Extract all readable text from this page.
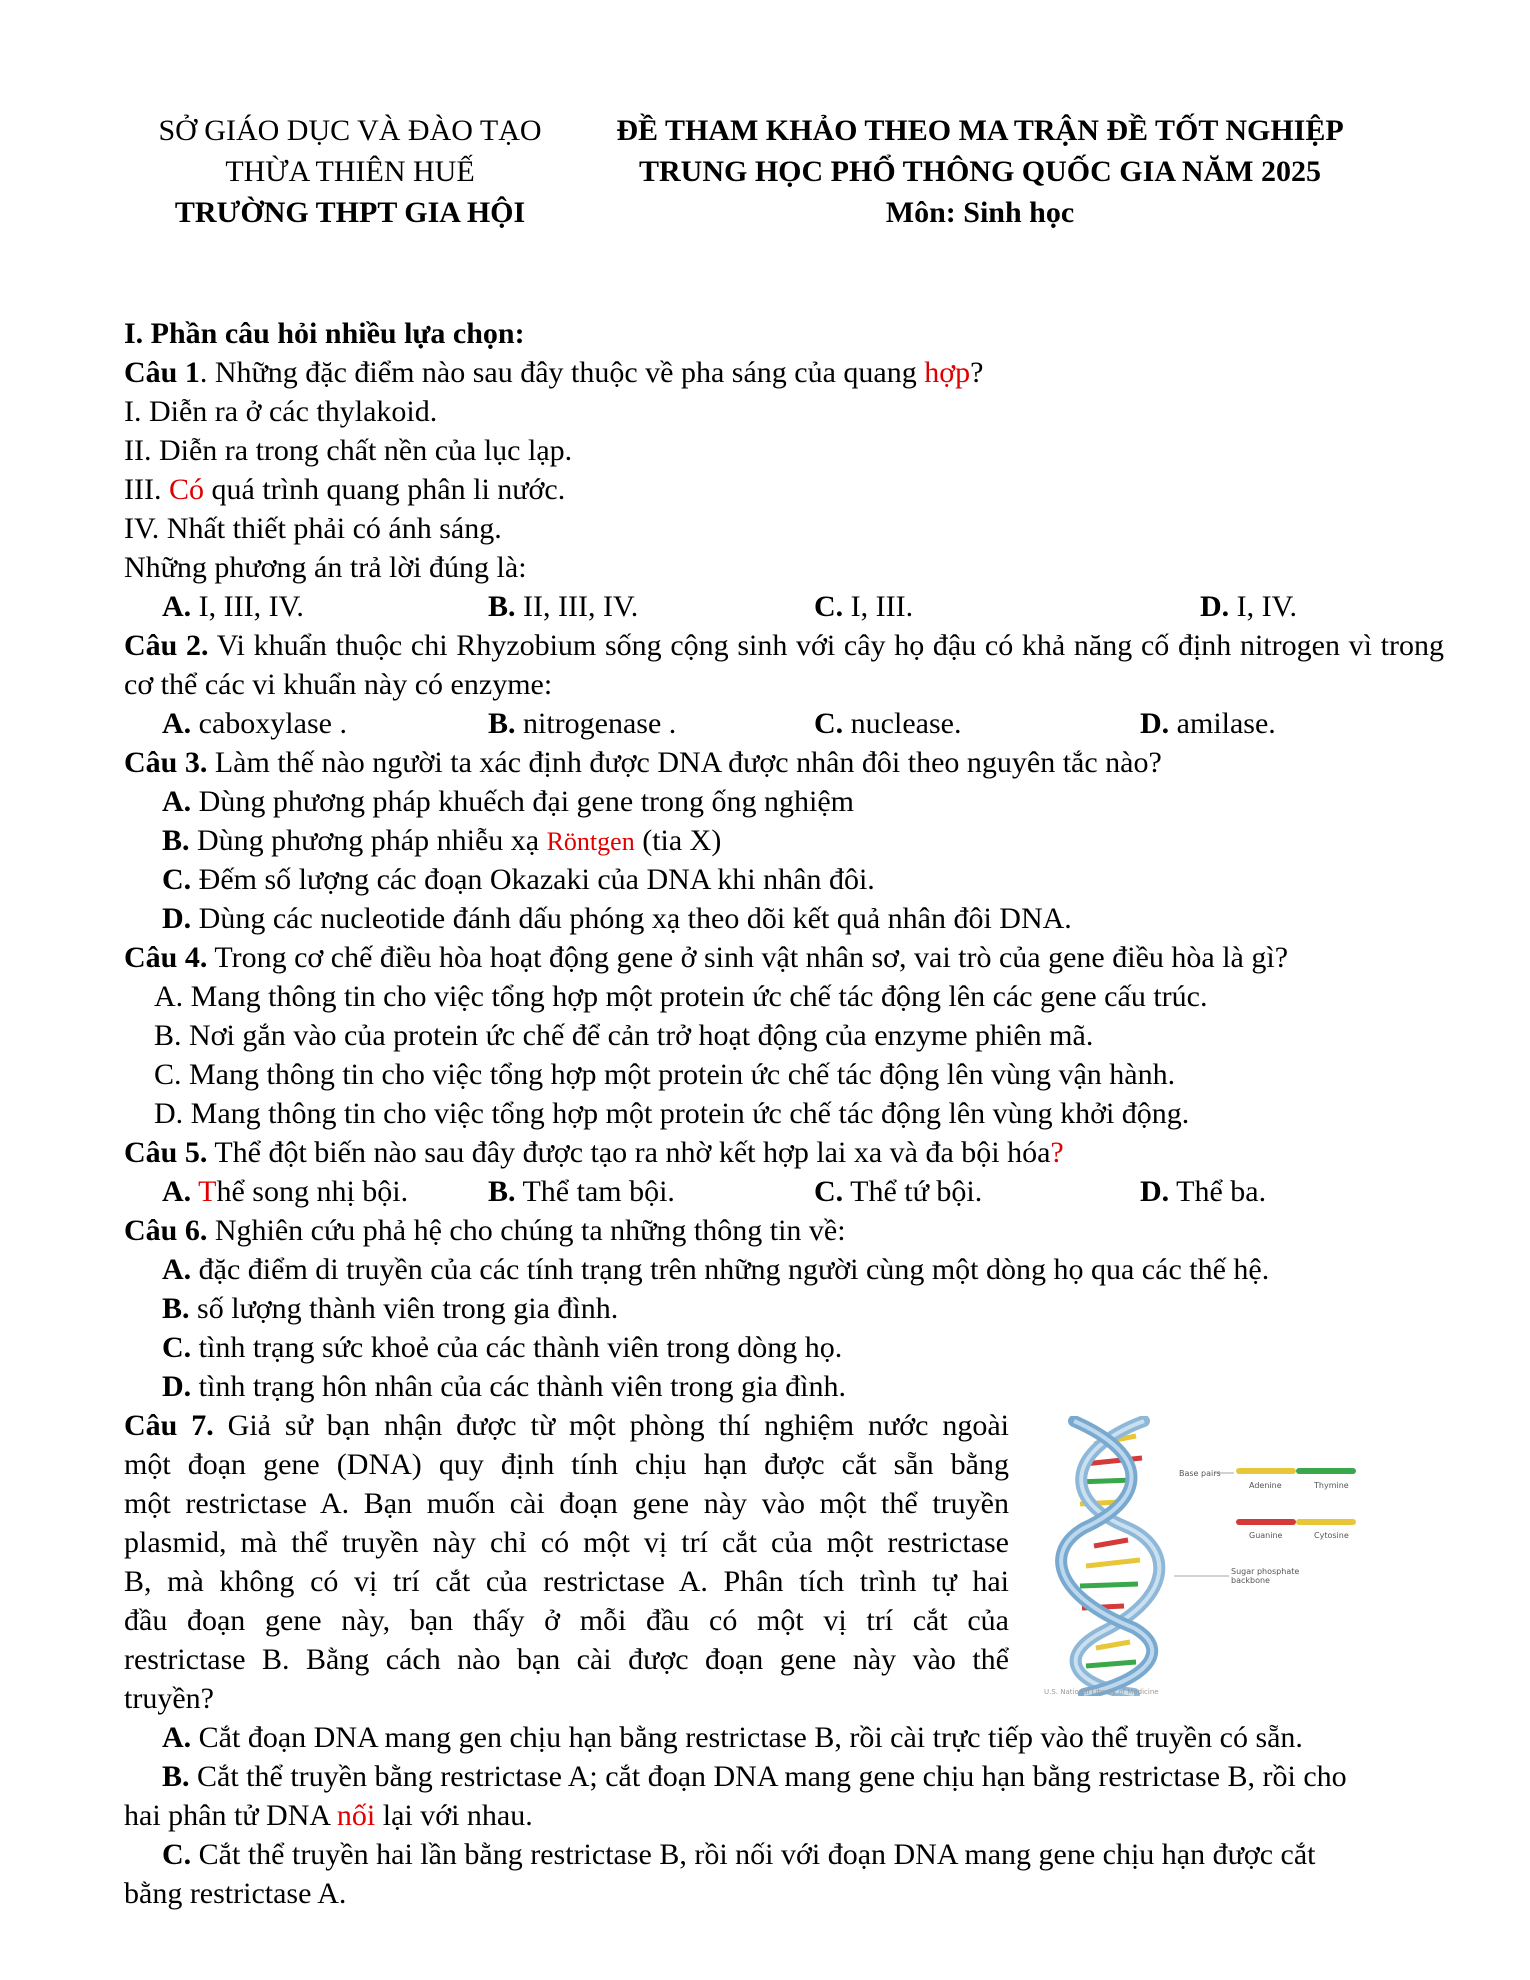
SỞ GIÁO DỤC VÀ ĐÀO TẠO
THỪA THIÊN HUẾ
TRƯỜNG THPT GIA HỘI
ĐỀ THAM KHẢO THEO MA TRẬN ĐỀ TỐT NGHIỆP
TRUNG HỌC PHỔ THÔNG QUỐC GIA NĂM 2025
Môn: Sinh học
I. Phần câu hỏi nhiều lựa chọn:
Câu 1. Những đặc điểm nào sau đây thuộc về pha sáng của quang hợp?
I. Diễn ra ở các thylakoid.
II. Diễn ra trong chất nền của lục lạp.
III. Có quá trình quang phân li nước.
IV. Nhất thiết phải có ánh sáng.
Những phương án trả lời đúng là:
A. I, III, IV.	B. II, III, IV.	C. I, III.	D. I, IV.
Câu 2. Vi khuẩn thuộc chi Rhyzobium sống cộng sinh với cây họ đậu có khả năng cố định nitrogen vì trong cơ thể các vi khuẩn này có enzyme:
A. caboxylase .	B. nitrogenase .	C. nuclease.	D. amilase.
Câu 3. Làm thế nào người ta xác định được DNA được nhân đôi theo nguyên tắc nào?
A. Dùng phương pháp khuếch đại gene trong ống nghiệm
B. Dùng phương pháp nhiễu xạ Röntgen (tia X)
C. Đếm số lượng các đoạn Okazaki của DNA khi nhân đôi.
D. Dùng các nucleotide đánh dấu phóng xạ theo dõi kết quả nhân đôi DNA.
Câu 4. Trong cơ chế điều hòa hoạt động gene ở sinh vật nhân sơ, vai trò của gene điều hòa là gì?
A. Mang thông tin cho việc tổng hợp một protein ức chế tác động lên các gene cấu trúc.
B. Nơi gắn vào của protein ức chế để cản trở hoạt động của enzyme phiên mã.
C. Mang thông tin cho việc tổng hợp một protein ức chế tác động lên vùng vận hành.
D. Mang thông tin cho việc tổng hợp một protein ức chế tác động lên vùng khởi động.
Câu 5. Thể đột biến nào sau đây được tạo ra nhờ kết hợp lai xa và đa bội hóa?
A. Thể song nhị bội.	B. Thể tam bội.	C. Thể tứ bội.	D. Thể ba.
Câu 6. Nghiên cứu phả hệ cho chúng ta những thông tin về:
A. đặc điểm di truyền của các tính trạng trên những người cùng một dòng họ qua các thế hệ.
B. số lượng thành viên trong gia đình.
C. tình trạng sức khoẻ của các thành viên trong dòng họ.
D. tình trạng hôn nhân của các thành viên trong gia đình.
Câu 7. Giả sử bạn nhận được từ một phòng thí nghiệm nước ngoài
một đoạn gene (DNA) quy định tính chịu hạn được cắt sẵn bằng
một restrictase A. Bạn muốn cài đoạn gene này vào một thể truyền
plasmid, mà thể truyền này chỉ có một vị trí cắt của một restrictase
B, mà không có vị trí cắt của restrictase A. Phân tích trình tự hai
đầu đoạn gene này, bạn thấy ở mỗi đầu có một vị trí cắt của
restrictase B. Bằng cách nào bạn cài được đoạn gene này vào thể
truyền?
Base pairs
Adenine	Thymine
Guanine	Cytosine
Sugar phosphate
backbone
U.S. National Library of Medicine
A. Cắt đoạn DNA mang gen chịu hạn bằng restrictase B, rồi cài trực tiếp vào thể truyền có sẵn.
B. Cắt thể truyền bằng restrictase A; cắt đoạn DNA mang gene chịu hạn bằng restrictase B, rồi cho
hai phân tử DNA nối lại với nhau.
C. Cắt thể truyền hai lần bằng restrictase B, rồi nối với đoạn DNA mang gene chịu hạn được cắt
bằng restrictase A.
